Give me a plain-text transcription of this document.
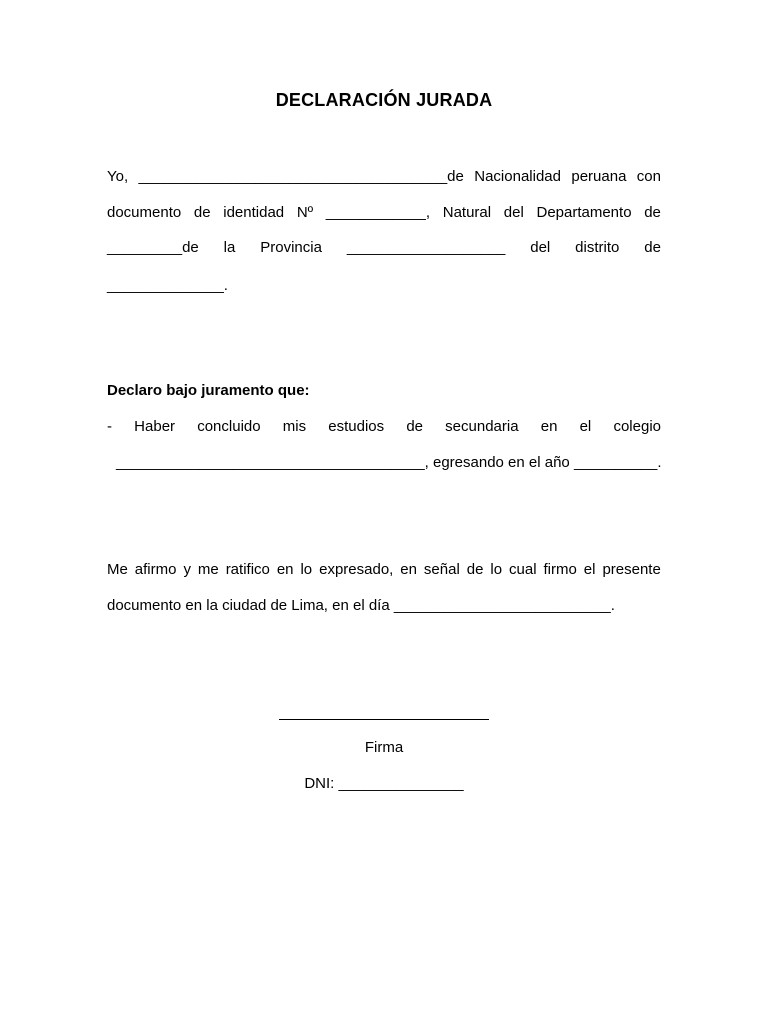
DECLARACIÓN JURADA
Yo, _____________________________________de Nacionalidad peruana con
documento de identidad Nº ____________, Natural del Departamento de
_________de la Provincia ___________________ del distrito de
______________.
Declaro bajo juramento que:
- Haber concluido mis estudios de secundaria en el colegio
_____________________________________, egresando en el año __________.
Me afirmo y me ratifico en lo expresado, en señal de lo cual firmo el presente
documento en la ciudad de Lima, en el día __________________________.
Firma
DNI: _______________
